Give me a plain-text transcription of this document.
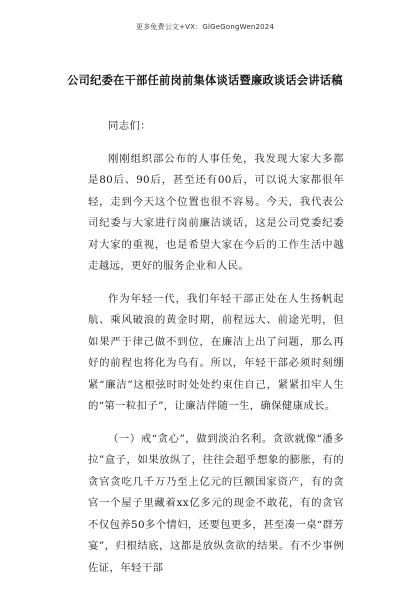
更多免费公文+VX：GlGeGongWen2024
公司纪委在干部任前岗前集体谈话暨廉政谈话会讲话稿

同志们：

刚刚组织部公布的人事任免，我发现大家大多都是80后、90后，甚至还有00后，可以说大家都很年轻，走到今天这个位置也很不容易。今天，我代表公司纪委与大家进行岗前廉洁谈话，这是公司党委纪委对大家的重视，也是希望大家在今后的工作生活中越走越远，更好的服务企业和人民。

作为年轻一代，我们年轻干部正处在人生扬帆起航、乘风破浪的黄金时期，前程远大、前途光明，但如果严于律己做不到位，在廉洁上出了问题，那么再好的前程也将化为乌有。所以，年轻干部必须时刻绷紧“廉洁”这根弦时时处处约束住自己，紧紧扣牢人生的“第一粒扣子”，让廉洁伴随一生，确保健康成长。

（一）戒“贪心”，做到淡泊名利。贪欲就像“潘多拉”盒子，如果放纵了，往往会超乎想象的膨胀，有的贪官贪吃几千万乃至上亿元的巨额国家资产，有的贪官一个屋子里藏着xx亿多元的现金不敢花，有的贪官不仅包养50多个情妇，还要包更多，甚至凑一桌“群芳宴”，归根结底，这都是放纵贪欲的结果。有不少事例佐证，年轻干部
